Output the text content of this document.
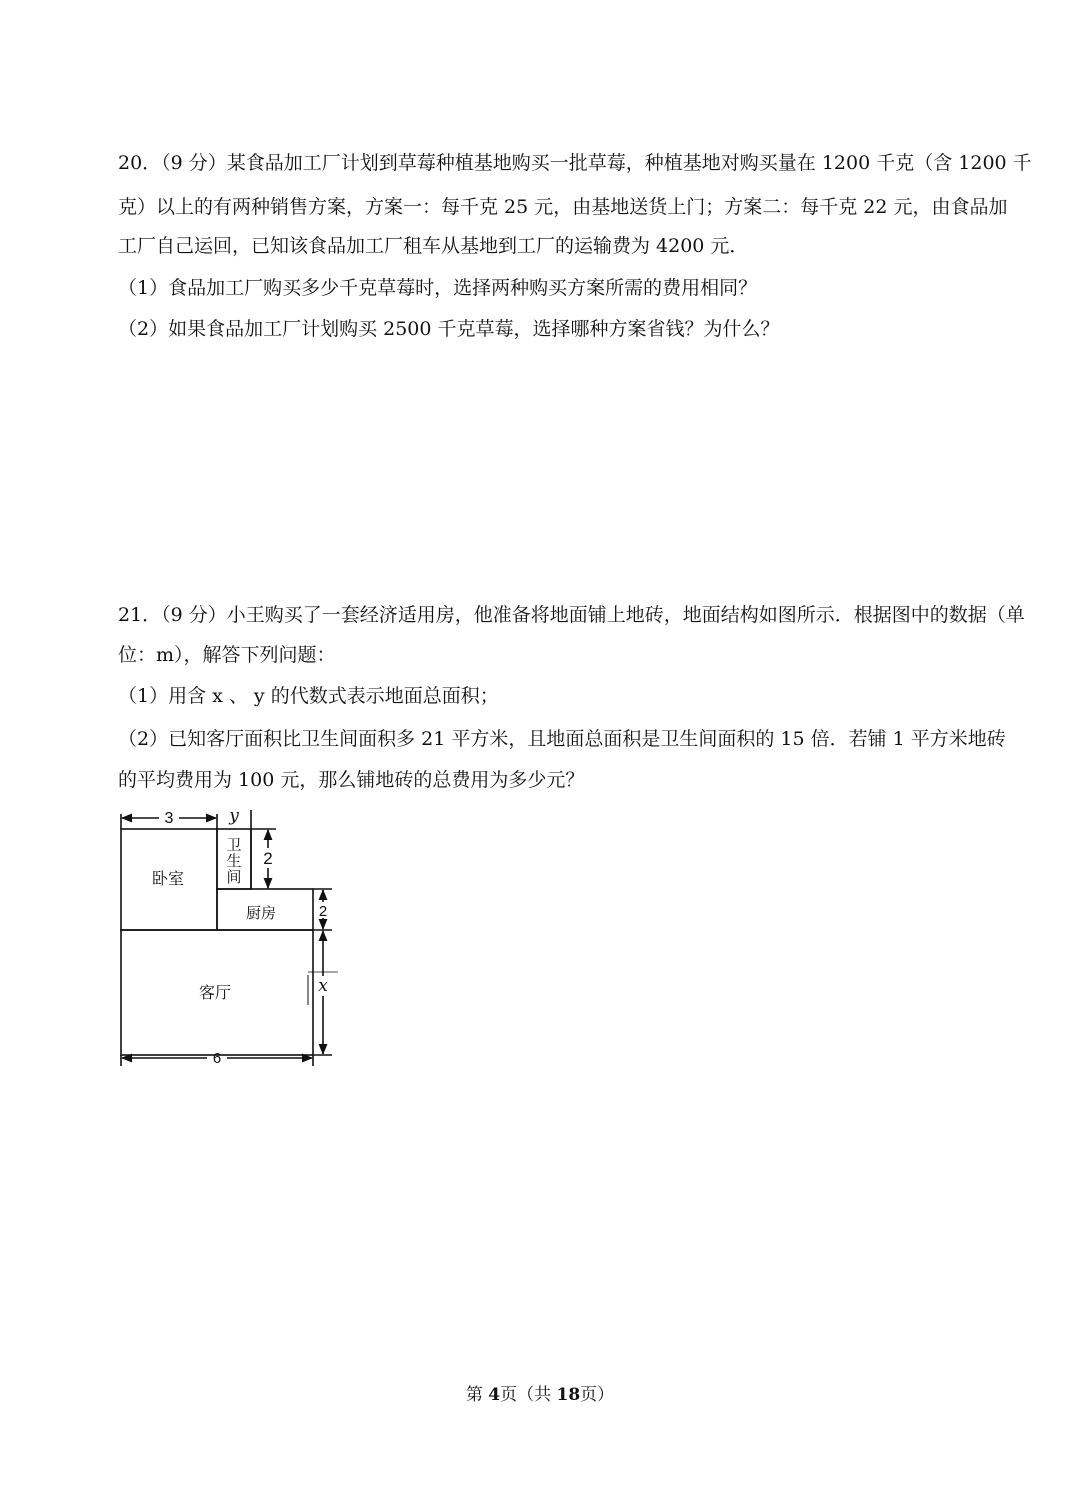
20．（9 分）某食品加工厂计划到草莓种植基地购买一批草莓，种植基地对购买量在 1200 千克（含 1200 千
克）以上的有两种销售方案，方案一：每千克 25 元，由基地送货上门；方案二：每千克 22 元，由食品加
工厂自己运回，已知该食品加工厂租车从基地到工厂的运输费为 4200 元．
（1）食品加工厂购买多少千克草莓时，选择两种购买方案所需的费用相同？
（2）如果食品加工厂计划购买 2500 千克草莓，选择哪种方案省钱？为什么？
21．（9 分）小王购买了一套经济适用房，他准备将地面铺上地砖，地面结构如图所示．根据图中的数据（单
位：m），解答下列问题：
（1）用含 x 、 y 的代数式表示地面总面积；
（2）已知客厅面积比卫生间面积多 21 平方米，且地面总面积是卫生间面积的 15 倍．若铺 1 平方米地砖
的平均费用为 100 元，那么铺地砖的总费用为多少元？
3	y
2
2
x
6
卧室
卫
生
间
厨房
客厅
第 4页（共 18页）
